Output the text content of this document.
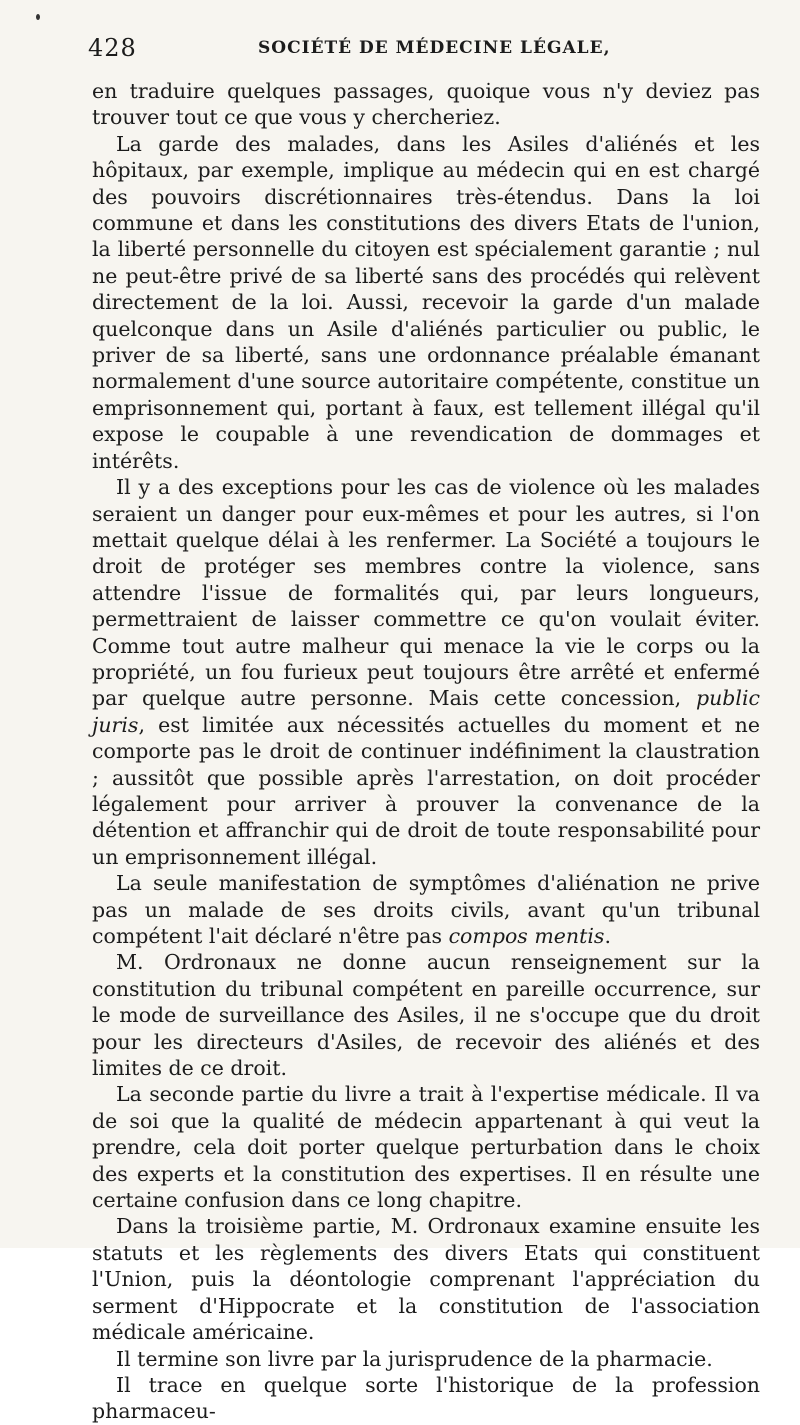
428	SOCIÉTÉ DE MÉDECINE LÉGALE,

en traduire quelques passages, quoique vous n'y deviez pas trouver tout ce que vous y chercheriez.

La garde des malades, dans les Asiles d'aliénés et les hôpitaux, par exemple, implique au médecin qui en est chargé des pouvoirs discrétionnaires très-étendus. Dans la loi commune et dans les constitutions des divers Etats de l'union, la liberté personnelle du citoyen est spécialement garantie ; nul ne peut-être privé de sa liberté sans des procédés qui relèvent directement de la loi. Aussi, recevoir la garde d'un malade quelconque dans un Asile d'aliénés particulier ou public, le priver de sa liberté, sans une ordonnance préalable émanant normalement d'une source autoritaire compétente, constitue un emprisonnement qui, portant à faux, est tellement illégal qu'il expose le coupable à une revendication de dommages et intérêts.

Il y a des exceptions pour les cas de violence où les malades seraient un danger pour eux-mêmes et pour les autres, si l'on mettait quelque délai à les renfermer. La Société a toujours le droit de protéger ses membres contre la violence, sans attendre l'issue de formalités qui, par leurs longueurs, permettraient de laisser commettre ce qu'on voulait éviter. Comme tout autre malheur qui menace la vie le corps ou la propriété, un fou furieux peut toujours être arrêté et enfermé par quelque autre personne. Mais cette concession, public juris, est limitée aux nécessités actuelles du moment et ne comporte pas le droit de continuer indéfiniment la claustration ; aussitôt que possible après l'arrestation, on doit procéder légalement pour arriver à prouver la convenance de la détention et affranchir qui de droit de toute responsabilité pour un emprisonnement illégal.

La seule manifestation de symptômes d'aliénation ne prive pas un malade de ses droits civils, avant qu'un tribunal compétent l'ait déclaré n'être pas compos mentis.

M. Ordronaux ne donne aucun renseignement sur la constitution du tribunal compétent en pareille occurrence, sur le mode de surveillance des Asiles, il ne s'occupe que du droit pour les directeurs d'Asiles, de recevoir des aliénés et des limites de ce droit.

La seconde partie du livre a trait à l'expertise médicale. Il va de soi que la qualité de médecin appartenant à qui veut la prendre, cela doit porter quelque perturbation dans le choix des experts et la constitution des expertises. Il en résulte une certaine confusion dans ce long chapitre.

Dans la troisième partie, M. Ordronaux examine ensuite les statuts et les règlements des divers Etats qui constituent l'Union, puis la déontologie comprenant l'appréciation du serment d'Hippocrate et la constitution de l'association médicale américaine.

Il termine son livre par la jurisprudence de la pharmacie.

Il trace en quelque sorte l'historique de la profession pharmaceu-
